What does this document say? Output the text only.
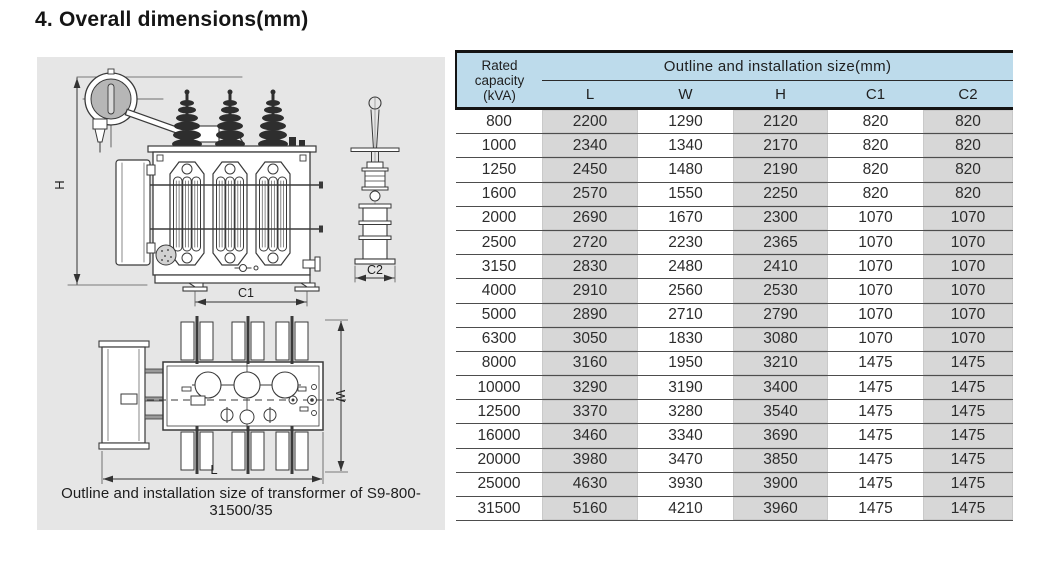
4. Overall dimensions(mm)
H
C1
C2
W
L
Outline and installation size of transformer of S9-800-31500/35
Rated
capacity
(kVA)	Outline and installation size(mm)				
	L	W	H	C1	C2
800	2200	1290	2120	820	820
1000	2340	1340	2170	820	820
1250	2450	1480	2190	820	820
1600	2570	1550	2250	820	820
2000	2690	1670	2300	1070	1070
2500	2720	2230	2365	1070	1070
3150	2830	2480	2410	1070	1070
4000	2910	2560	2530	1070	1070
5000	2890	2710	2790	1070	1070
6300	3050	1830	3080	1070	1070
8000	3160	1950	3210	1475	1475
10000	3290	3190	3400	1475	1475
12500	3370	3280	3540	1475	1475
16000	3460	3340	3690	1475	1475
20000	3980	3470	3850	1475	1475
25000	4630	3930	3900	1475	1475
31500	5160	4210	3960	1475	1475
